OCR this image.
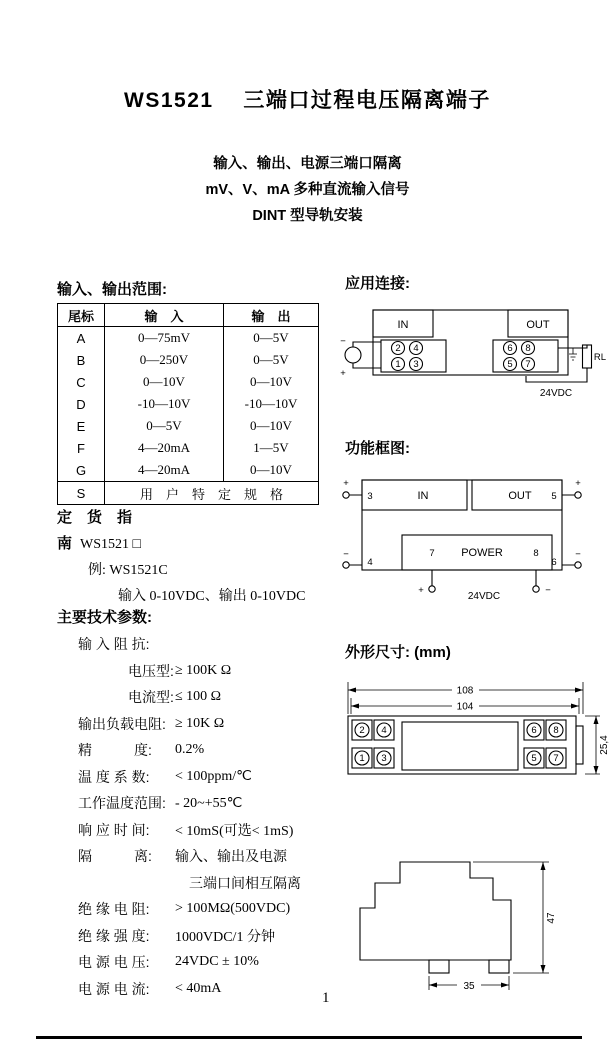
WS1521　 三端口过程电压隔离端子
输入、输出、电源三端口隔离
mV、V、mA 多种直流输入信号
DINT 型导轨安装
输入、输出范围:
尾标	输　入	输　出
A	0—75mV	0—5V
B	0—250V	0—5V
C	0—10V	0—10V
D	-10—10V	-10—10V
E	0—5V	0—10V
F	4—20mA	1—5V
G	4—20mA	0—10V
S	用　户　特　定　规　格	
定　货　指
南 WS1521 □
例: WS1521C
输入 0-10VDC、输出 0-10VDC
主要技术参数:
输 入 阻 抗:
电压型: ≥ 100K Ω
电流型: ≤ 100 Ω
输出负载电阻: ≥ 10K Ω
精　　　度:	0.2%
温 度 系 数:	< 100ppm/℃
工作温度范围: - 20~+55℃
响 应 时 间:	< 10mS(可选< 1mS)
隔　　　离:	输入、输出及电源
三端口间相互隔离
绝 缘 电 阻:	> 100MΩ(500VDC)
绝 缘 强 度:	1000VDC/1 分钟
电 源 电 压:	24VDC ± 10%
电 源 电 流:	< 40mA
应用连接:
功能框图:
外形尺寸: (mm)
IN	OUT
2 4
1 3
6 8
5 7
−
+
RL
24VDC
IN	OUT
POWER
3	5
4	6
7	8
+
−
+
−
+	−
24VDC
108
104
25,4
2 4
1 3
6 8
5 7
47
35
1
